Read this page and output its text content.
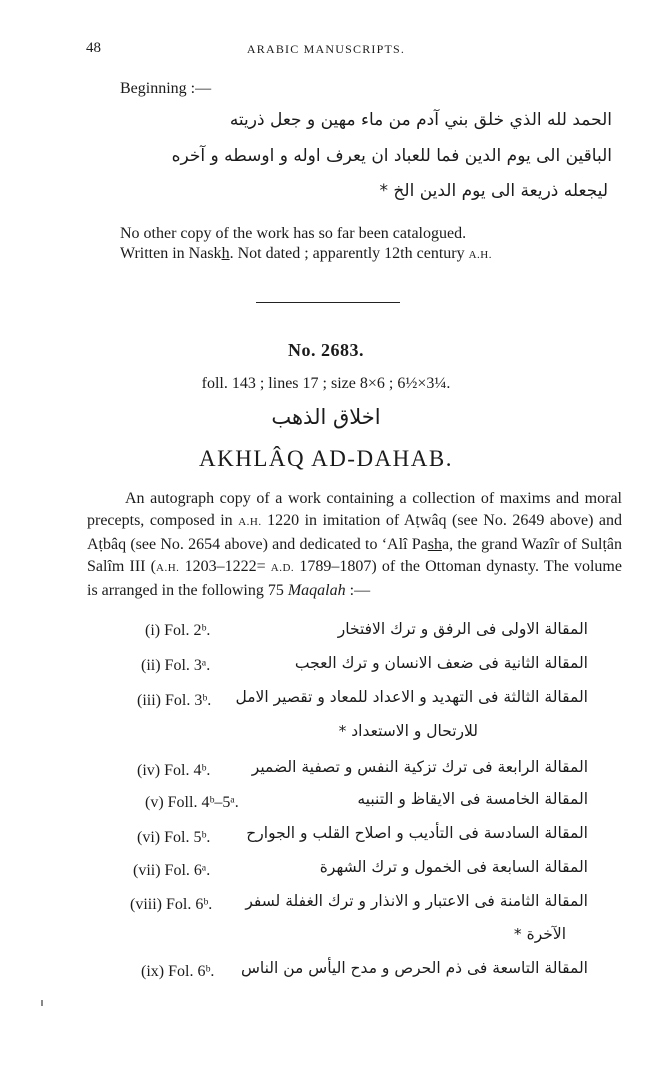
48	ARABIC MANUSCRIPTS.
Beginning :—
الحمد لله الذي خلق بني آدم من ماء مهين و جعل ذريته
الباقين الى يوم الدين فما للعباد ان يعرف اوله و اوسطه و آخره
ليجعله ذريعة الى يوم الدين الخ *
No other copy of the work has so far been catalogued.
Written in Naskh. Not dated ; apparently 12th century A.H.
No. 2683.
foll. 143 ; lines 17 ; size 8×6 ; 6½×3¼.
اخلاق الذهب
AKHLÂQ AD-DAHAB.
An autograph copy of a work containing a collection of maxims and moral precepts, composed in A.H. 1220 in imitation of Aṭwâq (see No. 2649 above) and Aṭbâq (see No. 2654 above) and dedicated to ‘Alî Pasha, the grand Wazîr of Sulṭân Salîm III (A.H. 1203–1222= A.D. 1789–1807) of the Ottoman dynasty. The volume is arranged in the following 75 Maqalah :—
(i) Fol. 2ᵇ.	المقالة الاولى فى الرفق و ترك الافتخار
(ii) Fol. 3ᵃ.	المقالة الثانية فى ضعف الانسان و ترك العجب
(iii) Fol. 3ᵇ. المقالة الثالثة فى التهديد و الاعداد للمعاد و تقصير الامل
للارتحال و الاستعداد *
(iv) Fol. 4ᵇ.	المقالة الرابعة فى ترك تزكية النفس و تصفية الضمير
(v) Foll. 4ᵇ–5ᵃ.	المقالة الخامسة فى الايقاظ و التنبيه
(vi) Fol. 5ᵇ. المقالة السادسة فى التأديب و اصلاح القلب و الجوارح
(vii) Fol. 6ᵃ.	المقالة السابعة فى الخمول و ترك الشهرة
(viii) Fol. 6ᵇ. المقالة الثامنة فى الاعتبار و الانذار و ترك الغفلة لسفر
الآخرة *
(ix) Fol. 6ᵇ. المقالة التاسعة فى ذم الحرص و مدح اليأس من الناس
